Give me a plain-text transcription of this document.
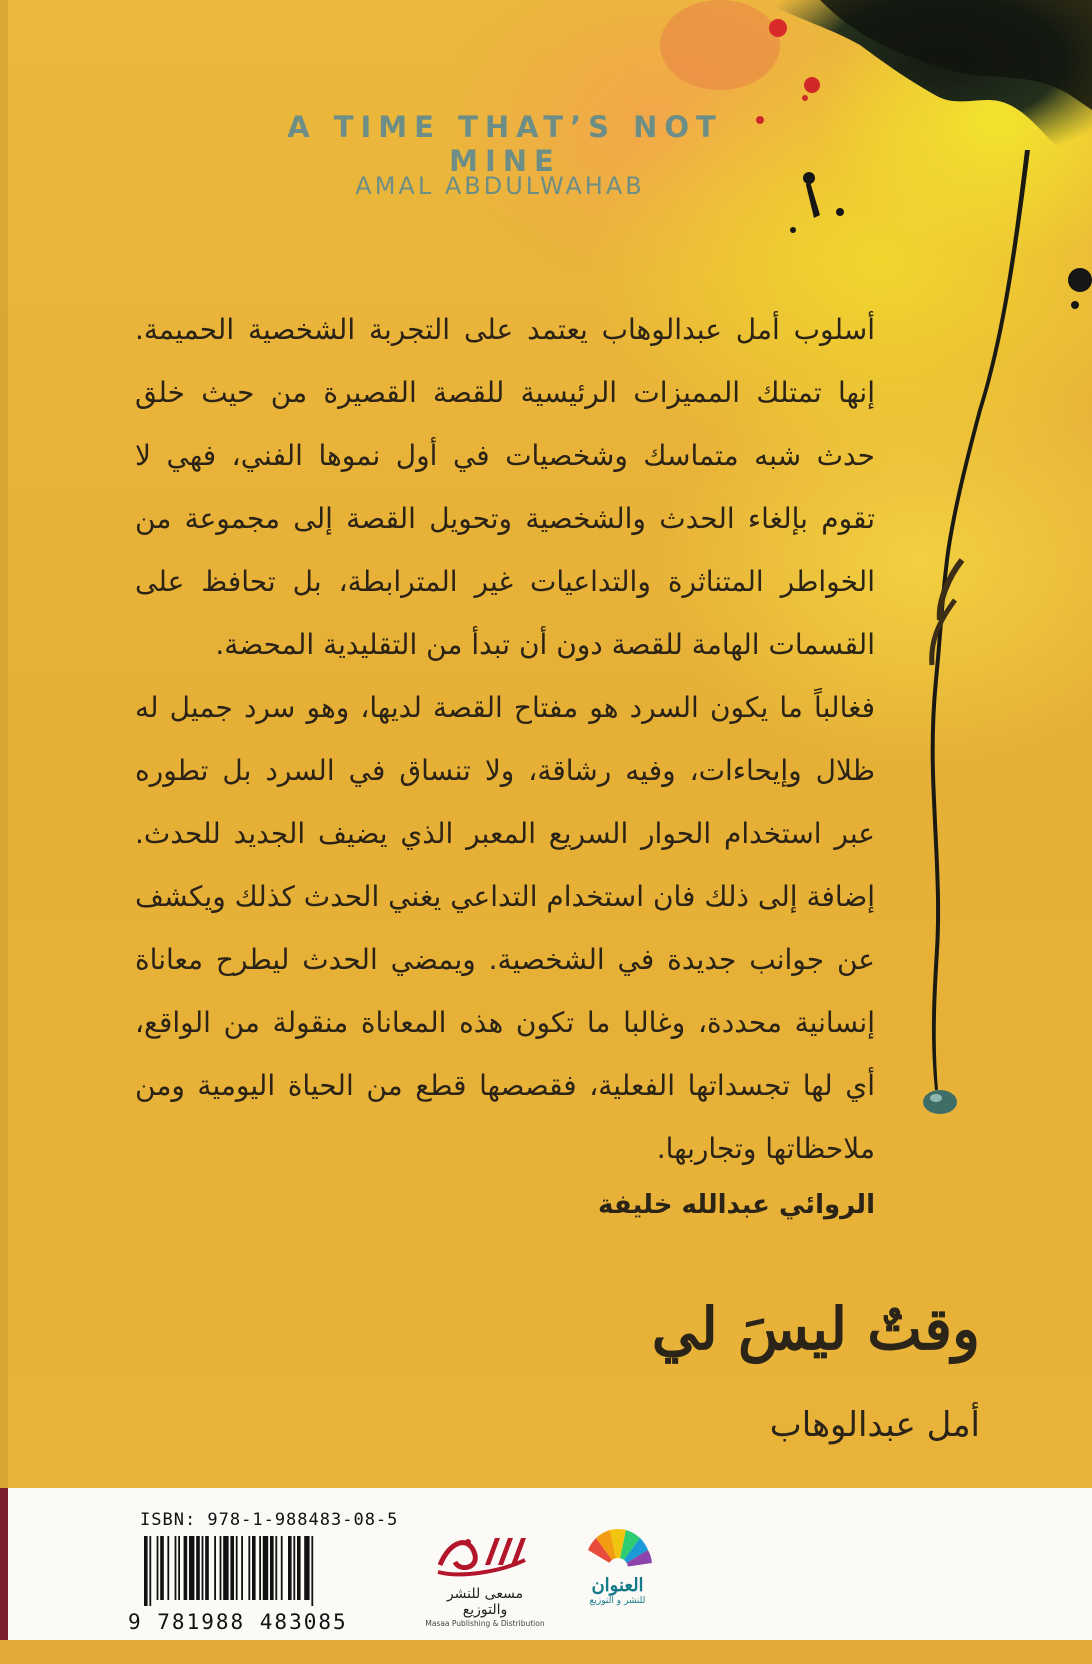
A TIME THAT’S NOT MINE
AMAL ABDULWAHAB

أسلوب أمل عبدالوهاب يعتمد على التجربة الشخصية الحميمة. إنها تمتلك المميزات الرئيسية للقصة القصيرة من حيث خلق حدث شبه متماسك وشخصيات في أول نموها الفني، فهي لا تقوم بإلغاء الحدث والشخصية وتحويل القصة إلى مجموعة من الخواطر المتناثرة والتداعيات غير المترابطة، بل تحافظ على القسمات الهامة للقصة دون أن تبدأ من التقليدية المحضة.

فغالباً ما يكون السرد هو مفتاح القصة لديها، وهو سرد جميل له ظلال وإيحاءات، وفيه رشاقة، ولا تنساق في السرد بل تطوره عبر استخدام الحوار السريع المعبر الذي يضيف الجديد للحدث. إضافة إلى ذلك فان استخدام التداعي يغني الحدث كذلك ويكشف عن جوانب جديدة في الشخصية. ويمضي الحدث ليطرح معاناة إنسانية محددة، وغالبا ما تكون هذه المعاناة منقولة من الواقع، أي لها تجسداتها الفعلية، فقصصها قطع من الحياة اليومية ومن ملاحظاتها وتجاربها.

الروائي عبدالله خليفة
وقتٌ ليسَ لي
أمل عبدالوهاب
ISBN: 978-1-988483-08-5
9 781988 483085
مسعى للنشر والتوزيع
Masaa Publishing & Distribution
العنوان
للنشر و التوزيع
